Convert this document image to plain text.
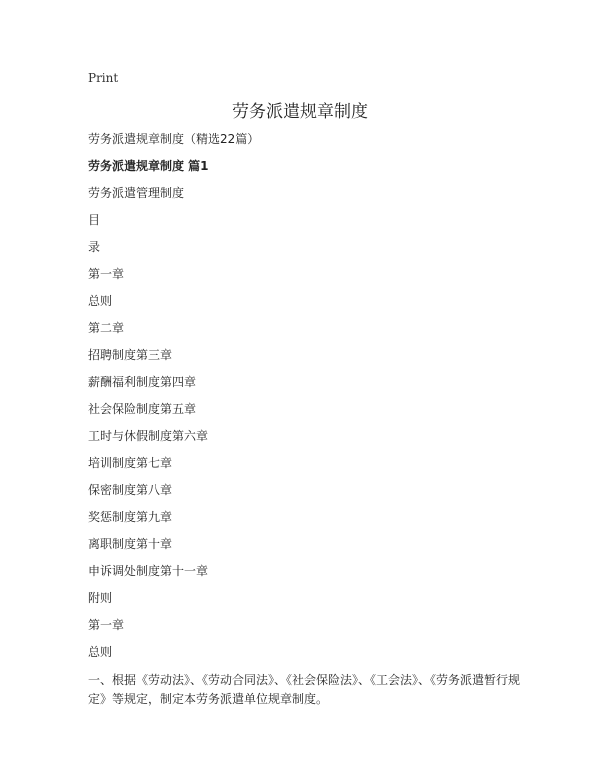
Print
劳务派遣规章制度

劳务派遣规章制度（精选22篇）

劳务派遣规章制度 篇1

劳务派遣管理制度

目

录

第一章

总则

第二章

招聘制度第三章

薪酬福利制度第四章

社会保险制度第五章

工时与休假制度第六章

培训制度第七章

保密制度第八章

奖惩制度第九章

离职制度第十章

申诉调处制度第十一章

附则

第一章

总则

一、根据《劳动法》、《劳动合同法》、《社会保险法》、《工会法》、《劳务派遣暂行规定》等规定，制定本劳务派遣单位规章制度。
